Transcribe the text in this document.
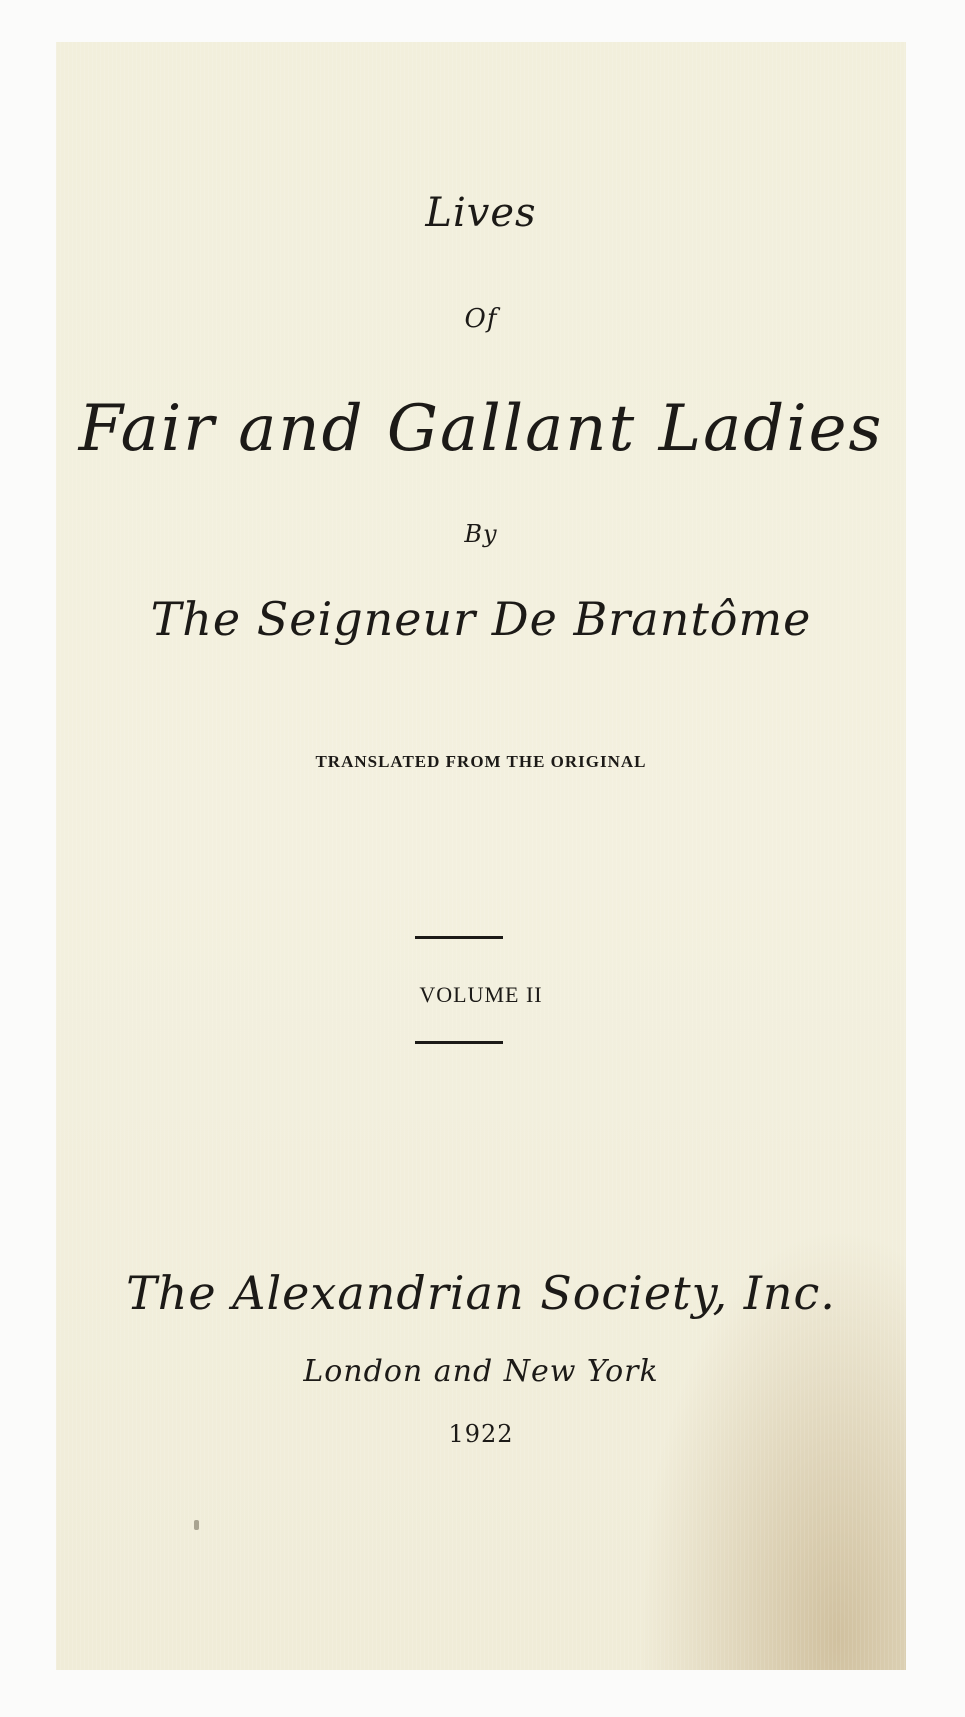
Lives
Of
Fair and Gallant Ladies
By
The Seigneur De Brantôme
TRANSLATED FROM THE ORIGINAL
VOLUME II
The Alexandrian Society, Inc.
London and New York
1922
